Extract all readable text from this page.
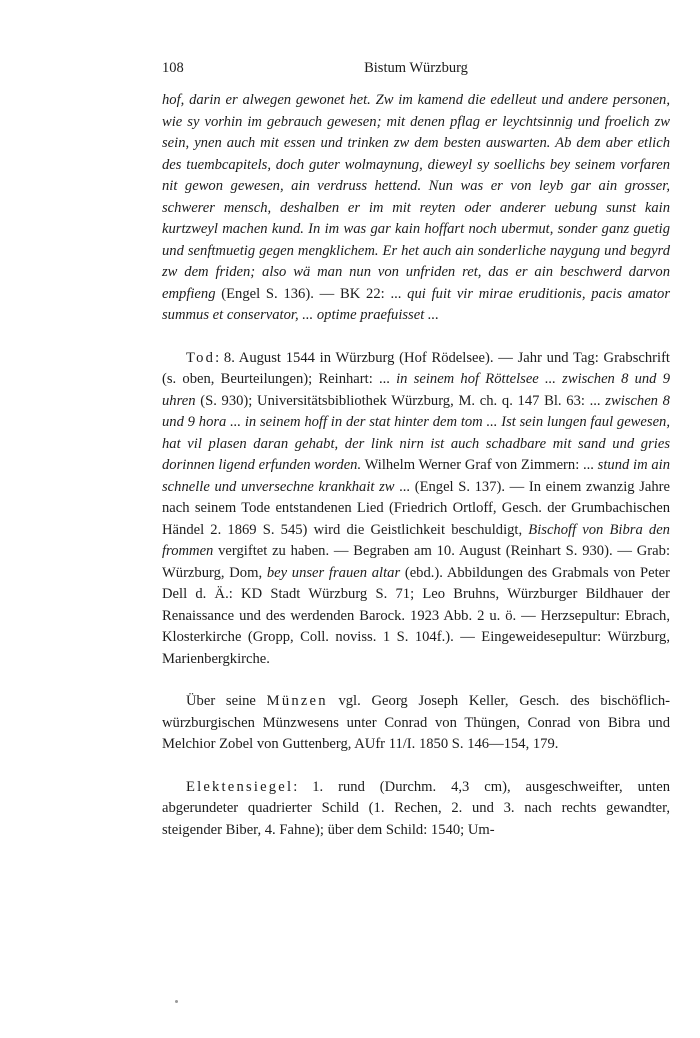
108	Bistum Würzburg

hof, darin er alwegen gewonet het. Zw im kamend die edelleut und andere personen, wie sy vorhin im gebrauch gewesen; mit denen pflag er leychtsinnig und froelich zw sein, ynen auch mit essen und trinken zw dem besten auswarten. Ab dem aber etlich des tuembcapitels, doch guter wolmaynung, dieweyl sy soellichs bey seinem vorfaren nit gewon gewesen, ain verdruss hettend. Nun was er von leyb gar ain grosser, schwerer mensch, deshalben er im mit reyten oder anderer uebung sunst kain kurtzweyl machen kund. In im was gar kain hoffart noch ubermut, sonder ganz guetig und senftmuetig gegen mengklichem. Er het auch ain sonderliche naygung und begyrd zw dem friden; also wä man nun von unfriden ret, das er ain beschwerd darvon empfieng (Engel S. 136). — BK 22: ... qui fuit vir mirae eruditionis, pacis amator summus et conservator, ... optime praefuisset ...

Tod: 8. August 1544 in Würzburg (Hof Rödelsee). — Jahr und Tag: Grabschrift (s. oben, Beurteilungen); Reinhart: ... in seinem hof Röttelsee ... zwischen 8 und 9 uhren (S. 930); Universitätsbibliothek Würzburg, M. ch. q. 147 Bl. 63: ... zwischen 8 und 9 hora ... in seinem hoff in der stat hinter dem tom ... Ist sein lungen faul gewesen, hat vil plasen daran gehabt, der link nirn ist auch schadbare mit sand und gries dorinnen ligend erfunden worden. Wilhelm Werner Graf von Zimmern: ... stund im ain schnelle und unversechne krankhait zw ... (Engel S. 137). — In einem zwanzig Jahre nach seinem Tode entstandenen Lied (Friedrich Ortloff, Gesch. der Grumbachischen Händel 2. 1869 S. 545) wird die Geistlichkeit beschuldigt, Bischoff von Bibra den frommen vergiftet zu haben. — Begraben am 10. August (Reinhart S. 930). — Grab: Würzburg, Dom, bey unser frauen altar (ebd.). Abbildungen des Grabmals von Peter Dell d. Ä.: KD Stadt Würzburg S. 71; Leo Bruhns, Würzburger Bildhauer der Renaissance und des werdenden Barock. 1923 Abb. 2 u. ö. — Herzsepultur: Ebrach, Klosterkirche (Gropp, Coll. noviss. 1 S. 104f.). — Eingeweidesepultur: Würzburg, Marienbergkirche.

Über seine Münzen vgl. Georg Joseph Keller, Gesch. des bischöflich-würzburgischen Münzwesens unter Conrad von Thüngen, Conrad von Bibra und Melchior Zobel von Guttenberg, AUfr 11/I. 1850 S. 146—154, 179.

Elektensiegel: 1. rund (Durchm. 4,3 cm), ausgeschweifter, unten abgerundeter quadrierter Schild (1. Rechen, 2. und 3. nach rechts gewandter, steigender Biber, 4. Fahne); über dem Schild: 1540; Um-
